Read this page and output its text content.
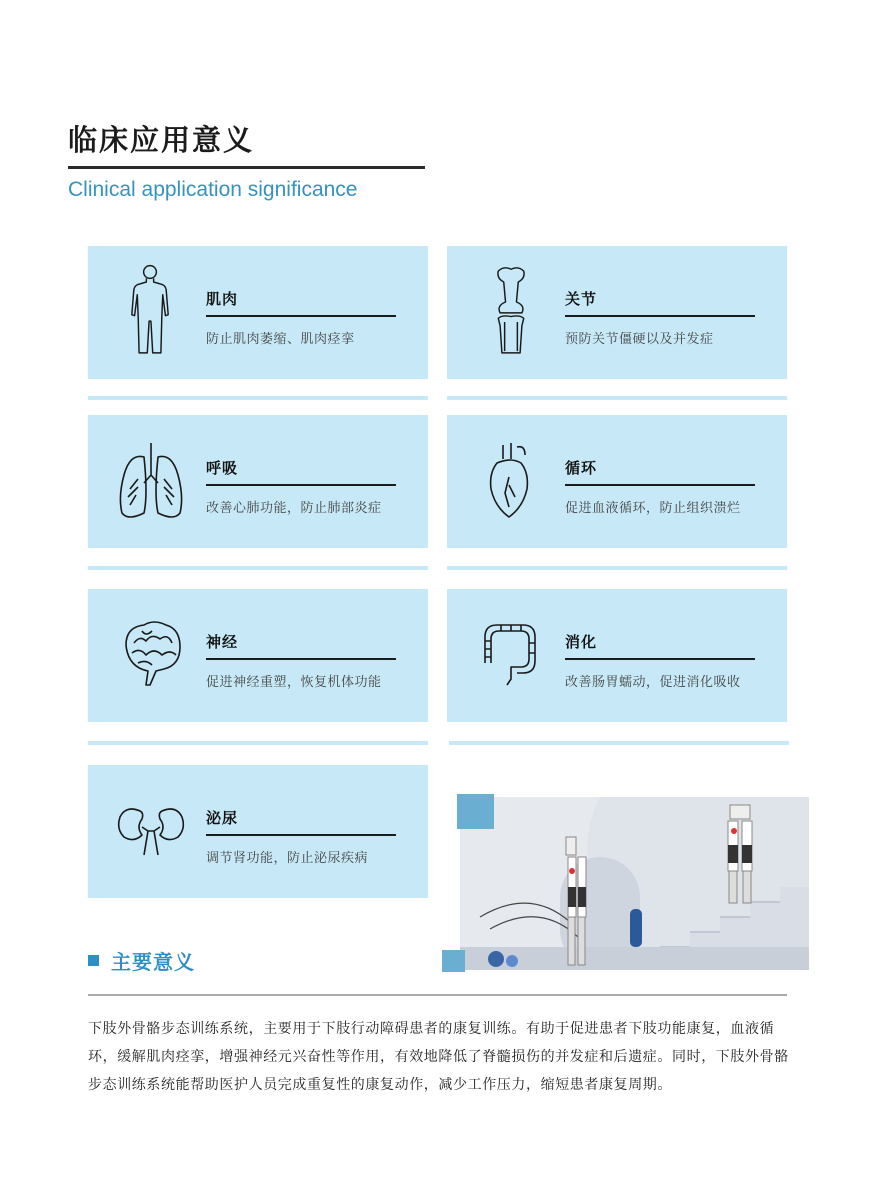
临床应用意义

Clinical application significance

肌肉
防止肌肉萎缩、肌肉痉挛
关节
预防关节僵硬以及并发症
呼吸
改善心肺功能，防止肺部炎症
循环
促进血液循环，防止组织溃烂
神经
促进神经重塑，恢复机体功能
消化
改善肠胃蠕动，促进消化吸收
泌尿
调节肾功能，防止泌尿疾病
主要意义

下肢外骨骼步态训练系统，主要用于下肢行动障碍患者的康复训练。有助于促进患者下肢功能康复，血液循环，缓解肌肉痉挛，增强神经元兴奋性等作用，有效地降低了脊髓损伤的并发症和后遗症。同时，下肢外骨骼步态训练系统能帮助医护人员完成重复性的康复动作，减少工作压力，缩短患者康复周期。
